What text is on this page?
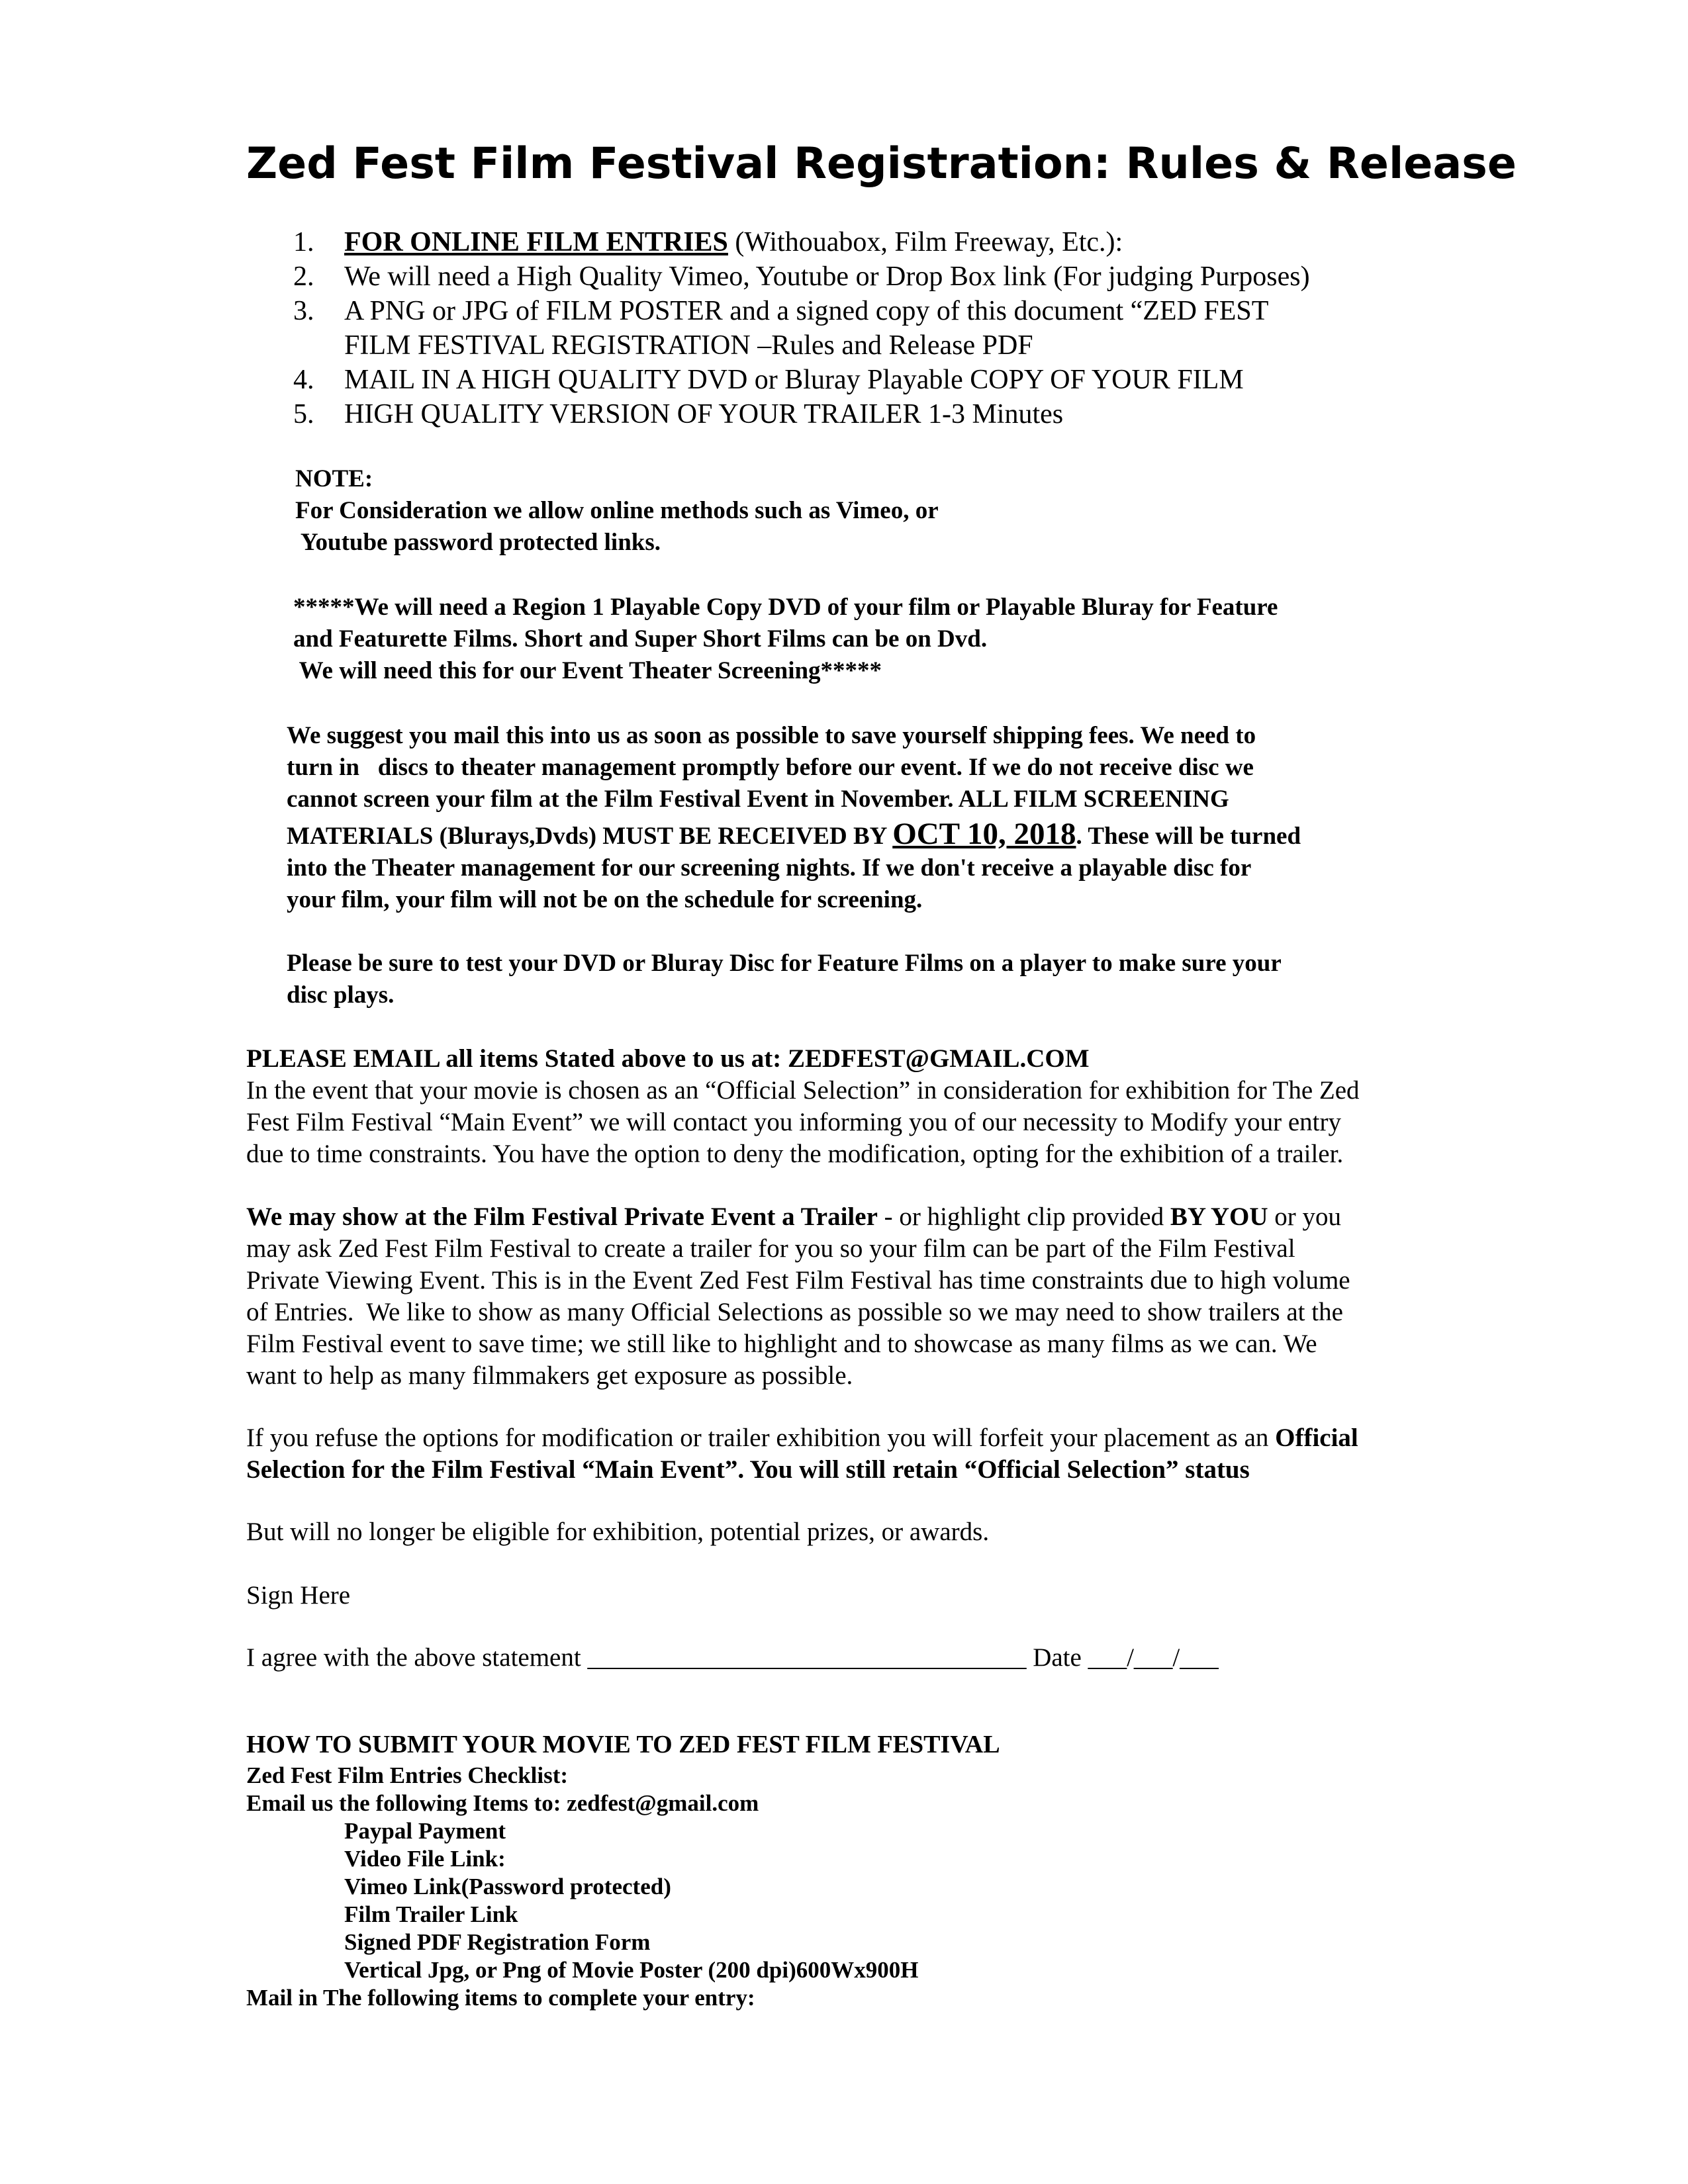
Zed Fest Film Festival Registration: Rules & Release
1. FOR ONLINE FILM ENTRIES (Withouabox, Film Freeway, Etc.):
2. We will need a High Quality Vimeo, Youtube or Drop Box link (For judging Purposes)
3. A PNG or JPG of FILM POSTER and a signed copy of this document “ZED FEST
FILM FESTIVAL REGISTRATION –Rules and Release PDF
4. MAIL IN A HIGH QUALITY DVD or Bluray Playable COPY OF YOUR FILM
5. HIGH QUALITY VERSION OF YOUR TRAILER 1-3 Minutes
NOTE:
For Consideration we allow online methods such as Vimeo, or
Youtube password protected links.
*****We will need a Region 1 Playable Copy DVD of your film or Playable Bluray for Feature
and Featurette Films. Short and Super Short Films can be on Dvd.
We will need this for our Event Theater Screening*****
We suggest you mail this into us as soon as possible to save yourself shipping fees. We need to
turn in   discs to theater management promptly before our event. If we do not receive disc we
cannot screen your film at the Film Festival Event in November. ALL FILM SCREENING
MATERIALS (Blurays,Dvds) MUST BE RECEIVED BY OCT 10, 2018. These will be turned
into the Theater management for our screening nights. If we don't receive a playable disc for
your film, your film will not be on the schedule for screening.
Please be sure to test your DVD or Bluray Disc for Feature Films on a player to make sure your
disc plays.
PLEASE EMAIL all items Stated above to us at: ZEDFEST@GMAIL.COM
In the event that your movie is chosen as an “Official Selection” in consideration for exhibition for The Zed
Fest Film Festival “Main Event” we will contact you informing you of our necessity to Modify your entry
due to time constraints. You have the option to deny the modification, opting for the exhibition of a trailer.
We may show at the Film Festival Private Event a Trailer - or highlight clip provided BY YOU or you
may ask Zed Fest Film Festival to create a trailer for you so your film can be part of the Film Festival
Private Viewing Event. This is in the Event Zed Fest Film Festival has time constraints due to high volume
of Entries.  We like to show as many Official Selections as possible so we may need to show trailers at the
Film Festival event to save time; we still like to highlight and to showcase as many films as we can. We
want to help as many filmmakers get exposure as possible.
If you refuse the options for modification or trailer exhibition you will forfeit your placement as an Official
Selection for the Film Festival “Main Event”. You will still retain “Official Selection” status
But will no longer be eligible for exhibition, potential prizes, or awards.
Sign Here
I agree with the above statement __________________________________ Date ___/___/___
HOW TO SUBMIT YOUR MOVIE TO ZED FEST FILM FESTIVAL
Zed Fest Film Entries Checklist:
Email us the following Items to: zedfest@gmail.com
Paypal Payment
Video File Link:
Vimeo Link(Password protected)
Film Trailer Link
Signed PDF Registration Form
Vertical Jpg, or Png of Movie Poster (200 dpi)600Wx900H
Mail in The following items to complete your entry:
